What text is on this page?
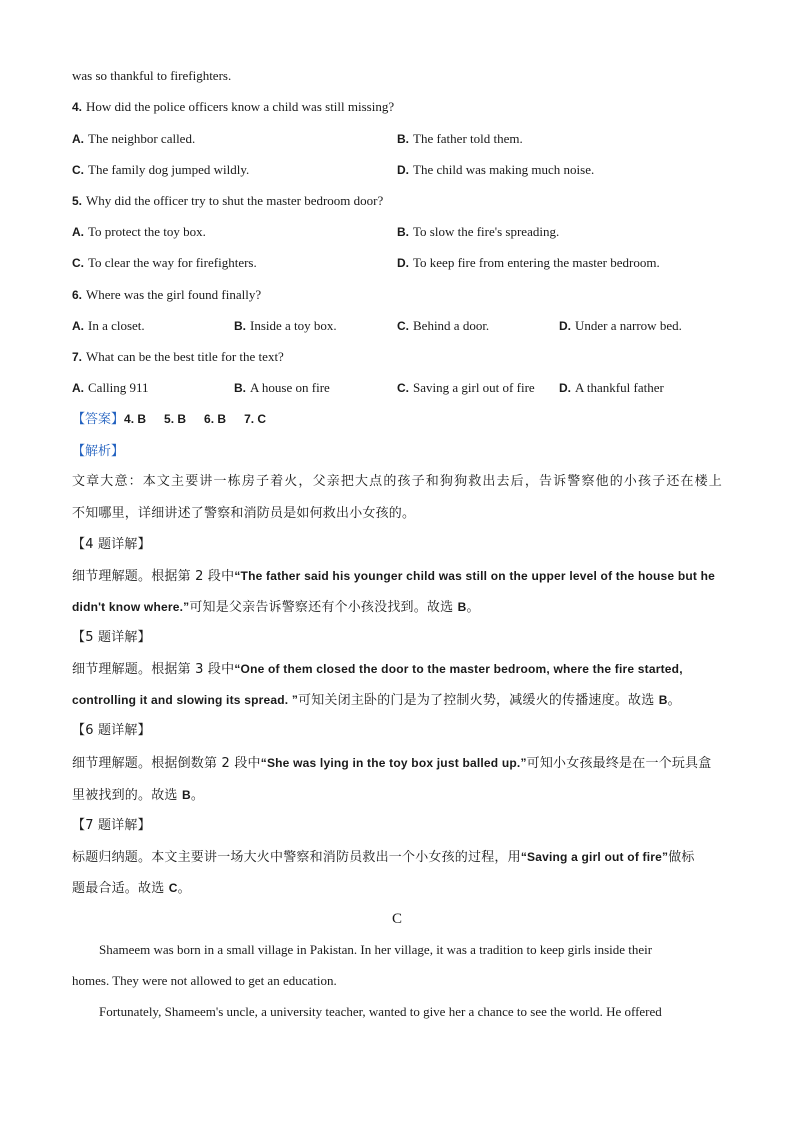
was so thankful to firefighters.
4. How did the police officers know a child was still missing?
A. The neighbor called.	B. The father told them.
C. The family dog jumped wildly.	D. The child was making much noise.
5. Why did the officer try to shut the master bedroom door?
A. To protect the toy box.	B. To slow the fire's spreading.
C. To clear the way for firefighters.	D. To keep fire from entering the master bedroom.
6. Where was the girl found finally?
A. In a closet.	B. Inside a toy box.	C. Behind a door.	D. Under a narrow bed.
7. What can be the best title for the text?
A. Calling 911	B. A house on fire	C. Saving a girl out of fire D. A thankful father
【答案】4. B 5. B 6. B 7. C
【解析】
文章大意：本文主要讲一栋房子着火，父亲把大点的孩子和狗狗救出去后，告诉警察他的小孩子还在楼上
不知哪里，详细讲述了警察和消防员是如何救出小女孩的。
【4 题详解】
细节理解题。根据第 2 段中“The father said his younger child was still on the upper level of the house but he
didn't know where.”可知是父亲告诉警察还有个小孩没找到。故选 B。
【5 题详解】
细节理解题。根据第 3 段中“One of them closed the door to the master bedroom, where the fire started,
controlling it and slowing its spread. ”可知关闭主卧的门是为了控制火势，减缓火的传播速度。故选 B。
【6 题详解】
细节理解题。根据倒数第 2 段中“She was lying in the toy box just balled up.”可知小女孩最终是在一个玩具盒
里被找到的。故选 B。
【7 题详解】
标题归纳题。本文主要讲一场大火中警察和消防员救出一个小女孩的过程，用“Saving a girl out of fire”做标
题最合适。故选 C。
C
Shameem was born in a small village in Pakistan. In her village, it was a tradition to keep girls inside their
homes. They were not allowed to get an education.
Fortunately, Shameem's uncle, a university teacher, wanted to give her a chance to see the world. He offered
